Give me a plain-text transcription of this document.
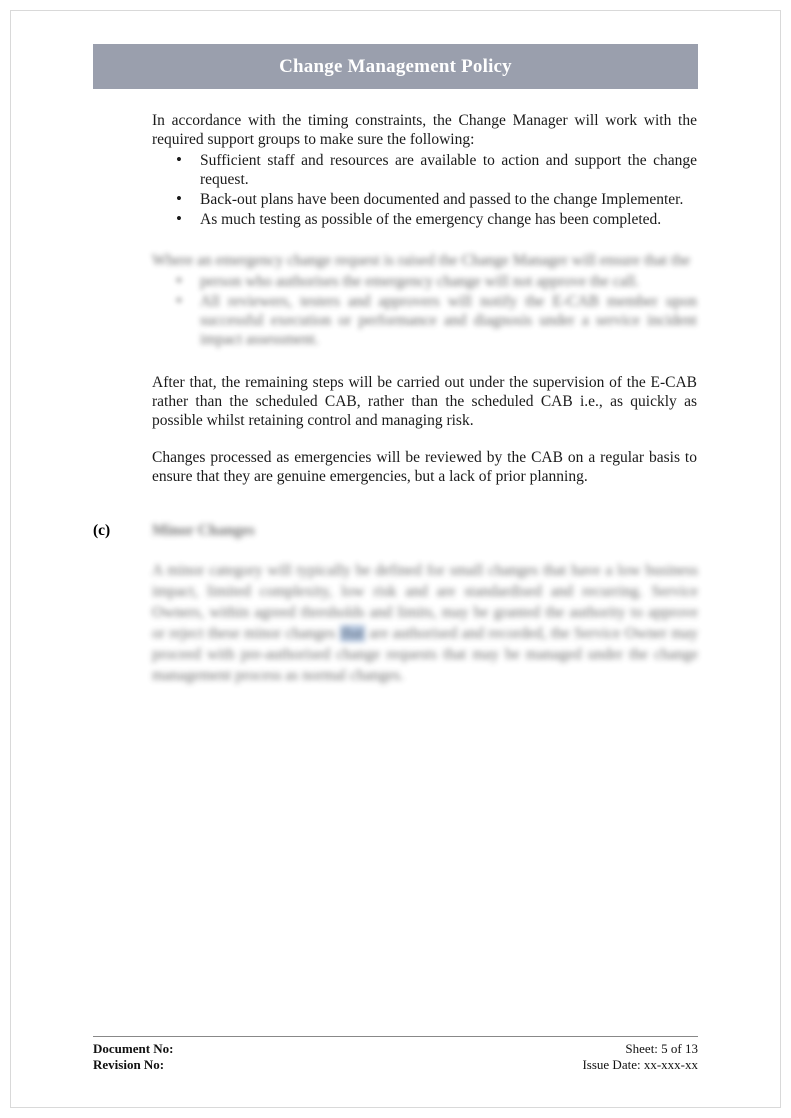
Change Management Policy

In accordance with the timing constraints, the Change Manager will work with the required support groups to make sure the following:

• Sufficient staff and resources are available to action and support the change request.
• Back-out plans have been documented and passed to the change Implementer.
• As much testing as possible of the emergency change has been completed.

Where an emergency change request is raised the Change Manager will ensure that the

• person who authorises the emergency change will not approve the call.
• All reviewers, testers and approvers will notify the E-CAB member upon successful execution or performance and diagnosis under a service incident impact assessment.

After that, the remaining steps will be carried out under the supervision of the E-CAB rather than the scheduled CAB, rather than the scheduled CAB i.e., as quickly as possible whilst retaining control and managing risk.

Changes processed as emergencies will be reviewed by the CAB on a regular basis to ensure that they are genuine emergencies, but a lack of prior planning.

(c)	Minor Changes

A minor category will typically be defined for small changes that have a low business impact, limited complexity, low risk and are standardised and recurring. Service Owners, within agreed thresholds and limits, may be granted the authority to approve or reject these minor changes that are authorised and recorded, the Service Owner may proceed with pre-authorised change requests that may be managed under the change management process as normal changes.

Document No:	Sheet: 5 of 13
Revision No:	Issue Date: xx-xxx-xx
